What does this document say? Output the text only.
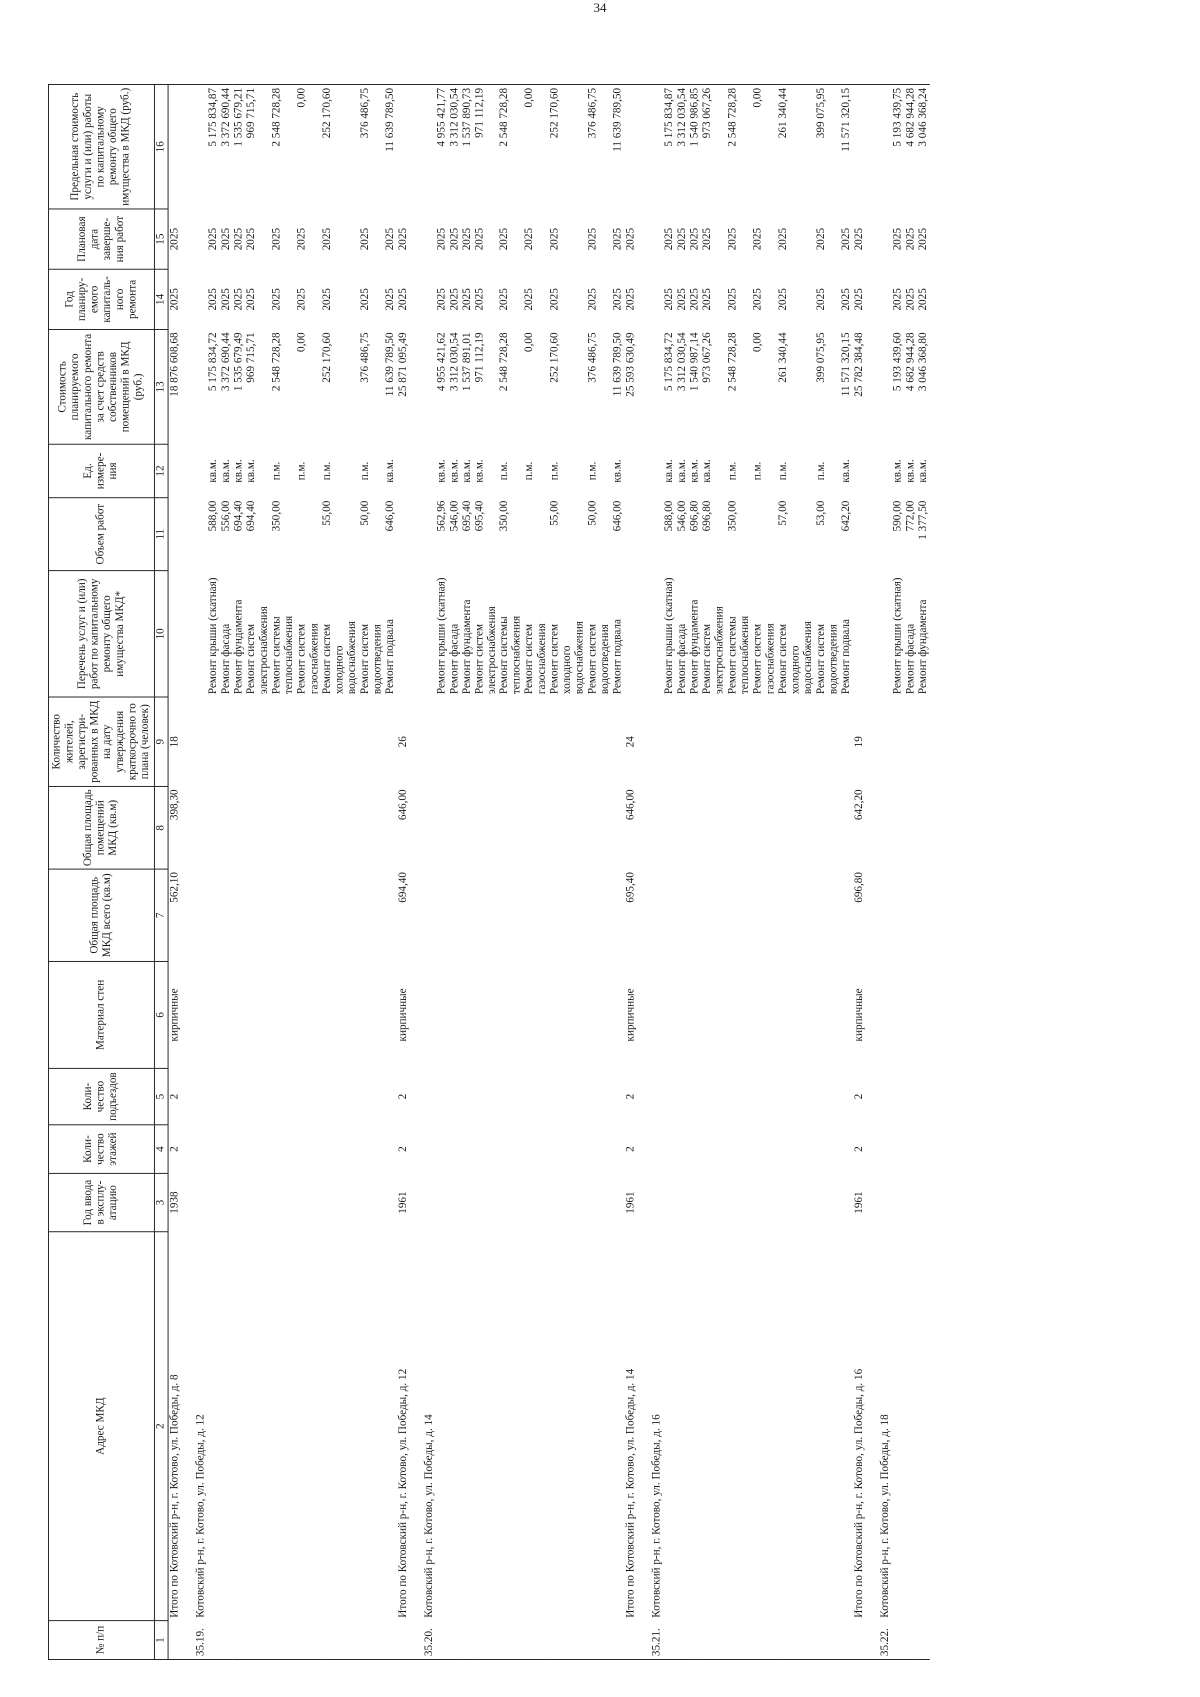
34
№ п/п	Адрес МКД	Год ввода в эксплу-атацию	Коли-чество этажей	Коли-чество подъездов	Материал стен	Общая площадь МКД всего (кв.м)	Общая площадь помещений МКД (кв.м)	Количество жителей, зарегистри-рованных в МКД на дату утверждения краткосрочно го плана (человек)	Перечень услуг и (или) работ по капитальному ремонту общего имущества МКД*	Объем работ	Ед. измере-ния	Стоимость планируемого капитального ремонта за счет средств собственников помещений в МКД (руб.)	Год планиру-емого капиталь-ного ремонта	Плановая дата заверше-ния работ	Предельная стоимость услуги и (или) работы по капитальному ремонту общего имущества в МКД (руб.)
1	2	3	4	5	6	7	8	9	10	11	12	13	14	15	16
	Итого по Котовский р-н, г. Котово, ул. Победы, д. 8	1938	2	2	кирпичные	562,10	398,30	18				18 876 608,68	2025	2025	
35.19.	Котовский р-н, г. Котово, ул. Победы, д. 12														
									Ремонт крыши (скатная)	588,00	кв.м.	5 175 834,72	2025	2025	5 175 834,87
									Ремонт фасада	556,00	кв.м.	3 372 690,44	2025	2025	3 372 690,44
									Ремонт фундамента	694,40	кв.м.	1 535 679,49	2025	2025	1 535 679,21
									Ремонт систем электроснабжения	694,40	кв.м.	969 715,71	2025	2025	969 715,71
									Ремонт системы теплоснабжения	350,00	п.м.	2 548 728,28	2025	2025	2 548 728,28
									Ремонт систем газоснабжения		п.м.	0,00	2025	2025	0,00
									Ремонт систем холодного водоснабжения	55,00	п.м.	252 170,60	2025	2025	252 170,60
									Ремонт систем водоотведения	50,00	п.м.	376 486,75	2025	2025	376 486,75
									Ремонт подвала	646,00	кв.м.	11 639 789,50	2025	2025	11 639 789,50
	Итого по Котовский р-н, г. Котово, ул. Победы, д. 12	1961	2	2	кирпичные	694,40	646,00	26				25 871 095,49	2025	2025	
35.20.	Котовский р-н, г. Котово, ул. Победы, д. 14														
									Ремонт крыши (скатная)	562,96	кв.м.	4 955 421,62	2025	2025	4 955 421,77
									Ремонт фасада	546,00	кв.м.	3 312 030,54	2025	2025	3 312 030,54
									Ремонт фундамента	695,40	кв.м.	1 537 891,01	2025	2025	1 537 890,73
									Ремонт систем электроснабжения	695,40	кв.м.	971 112,19	2025	2025	971 112,19
									Ремонт системы теплоснабжения	350,00	п.м.	2 548 728,28	2025	2025	2 548 728,28
									Ремонт систем газоснабжения		п.м.	0,00	2025	2025	0,00
									Ремонт систем холодного водоснабжения	55,00	п.м.	252 170,60	2025	2025	252 170,60
									Ремонт систем водоотведения	50,00	п.м.	376 486,75	2025	2025	376 486,75
									Ремонт подвала	646,00	кв.м.	11 639 789,50	2025	2025	11 639 789,50
	Итого по Котовский р-н, г. Котово, ул. Победы, д. 14	1961	2	2	кирпичные	695,40	646,00	24				25 593 630,49	2025	2025	
35.21.	Котовский р-н, г. Котово, ул. Победы, д. 16														
									Ремонт крыши (скатная)	588,00	кв.м.	5 175 834,72	2025	2025	5 175 834,87
									Ремонт фасада	546,00	кв.м.	3 312 030,54	2025	2025	3 312 030,54
									Ремонт фундамента	696,80	кв.м.	1 540 987,14	2025	2025	1 540 986,85
									Ремонт систем электроснабжения	696,80	кв.м.	973 067,26	2025	2025	973 067,26
									Ремонт системы теплоснабжения	350,00	п.м.	2 548 728,28	2025	2025	2 548 728,28
									Ремонт систем газоснабжения		п.м.	0,00	2025	2025	0,00
									Ремонт систем холодного водоснабжения	57,00	п.м.	261 340,44	2025	2025	261 340,44
									Ремонт систем водоотведения	53,00	п.м.	399 075,95	2025	2025	399 075,95
									Ремонт подвала	642,20	кв.м.	11 571 320,15	2025	2025	11 571 320,15
	Итого по Котовский р-н, г. Котово, ул. Победы, д. 16	1961	2	2	кирпичные	696,80	642,20	19				25 782 384,48	2025	2025	
35.22.	Котовский р-н, г. Котово, ул. Победы, д. 18														
									Ремонт крыши (скатная)	590,00	кв.м.	5 193 439,60	2025	2025	5 193 439,75
									Ремонт фасада	772,00	кв.м.	4 682 944,28	2025	2025	4 682 944,28
									Ремонт фундамента	1 377,50	кв.м.	3 046 368,80	2025	2025	3 046 368,24
